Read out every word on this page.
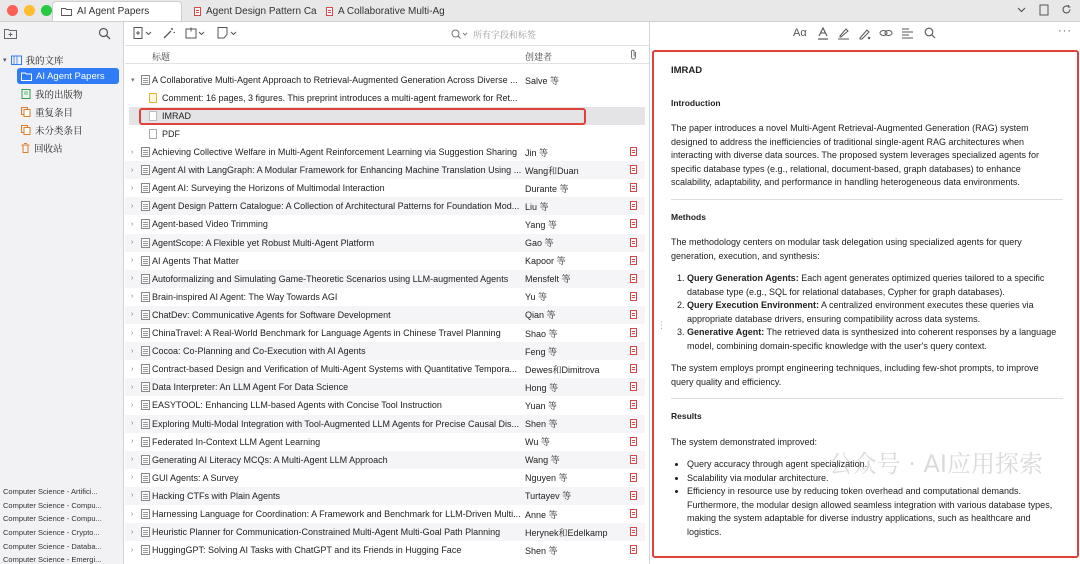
AI Agent Papers	Agent Design Pattern Ca A Collaborative Multi-Ag
▾ 我的文库
AI Agent Papers
我的出版物
重复条目
未分类条目
回收站
Computer Science - Artifici...
Computer Science - Compu...
Computer Science - Compu...
Computer Science - Crypto...
Computer Science - Databa...
Computer Science - Emergi...
所有字段和标签
标题	创建者
▾ A Collaborative Multi-Agent Approach to Retrieval-Augmented Generation Across Diverse ... Salve 等
Comment: 16 pages, 3 figures. This preprint introduces a multi-agent framework for Ret...
IMRAD
PDF
› Achieving Collective Welfare in Multi-Agent Reinforcement Learning via Suggestion Sharing Jin 等
› Agent AI with LangGraph: A Modular Framework for Enhancing Machine Translation Using ... Wang和Duan
› Agent AI: Surveying the Horizons of Multimodal Interaction	Durante 等
› Agent Design Pattern Catalogue: A Collection of Architectural Patterns for Foundation Mod... Liu 等
› Agent-based Video Trimming	Yang 等
› AgentScope: A Flexible yet Robust Multi-Agent Platform	Gao 等
› AI Agents That Matter	Kapoor 等
› Autoformalizing and Simulating Game-Theoretic Scenarios using LLM-augmented Agents	Mensfelt 等
› Brain-inspired AI Agent: The Way Towards AGI	Yu 等
› ChatDev: Communicative Agents for Software Development	Qian 等
› ChinaTravel: A Real-World Benchmark for Language Agents in Chinese Travel Planning	Shao 等
› Cocoa: Co-Planning and Co-Execution with AI Agents	Feng 等
› Contract-based Design and Verification of Multi-Agent Systems with Quantitative Tempora... Dewes和Dimitrova
› Data Interpreter: An LLM Agent For Data Science	Hong 等
› EASYTOOL: Enhancing LLM-based Agents with Concise Tool Instruction	Yuan 等
› Exploring Multi-Modal Integration with Tool-Augmented LLM Agents for Precise Causal Dis... Shen 等
› Federated In-Context LLM Agent Learning	Wu 等
› Generating AI Literacy MCQs: A Multi-Agent LLM Approach	Wang 等
› GUI Agents: A Survey	Nguyen 等
› Hacking CTFs with Plain Agents	Turtayev 等
› Harnessing Language for Coordination: A Framework and Benchmark for LLM-Driven Multi... Anne 等
› Heuristic Planner for Communication-Constrained Multi-Agent Multi-Goal Path Planning	Herynek和Edelkamp
› HuggingGPT: Solving AI Tasks with ChatGPT and its Friends in Hugging Face	Shen 等
Aα	···
IMRAD
Introduction

The paper introduces a novel Multi-Agent Retrieval-Augmented Generation (RAG) system designed to address the inefficiencies of traditional single-agent RAG architectures when interacting with diverse data sources. The proposed system leverages specialized agents for specific database types (e.g., relational, document-based, graph databases) to enhance scalability, adaptability, and performance in handling heterogeneous data environments.

Methods

The methodology centers on modular task delegation using specialized agents for query generation, execution, and synthesis:

1. Query Generation Agents: Each agent generates optimized queries tailored to a specific database type (e.g., SQL for relational databases, Cypher for graph databases).
2. Query Execution Environment: A centralized environment executes these queries via appropriate database drivers, ensuring compatibility across data systems.
3. Generative Agent: The retrieved data is synthesized into coherent responses by a language model, combining domain-specific knowledge with the user's query context.

The system employs prompt engineering techniques, including few-shot prompts, to improve query quality and efficiency.

Results

The system demonstrated improved:

• Query accuracy through agent specialization.
• Scalability via modular architecture.
• Efficiency in resource use by reducing token overhead and computational demands. Furthermore, the modular design allowed seamless integration with various database types, making the system adaptable for diverse industry applications, such as healthcare and logistics.
公众号 · AI应用探索
⋮
